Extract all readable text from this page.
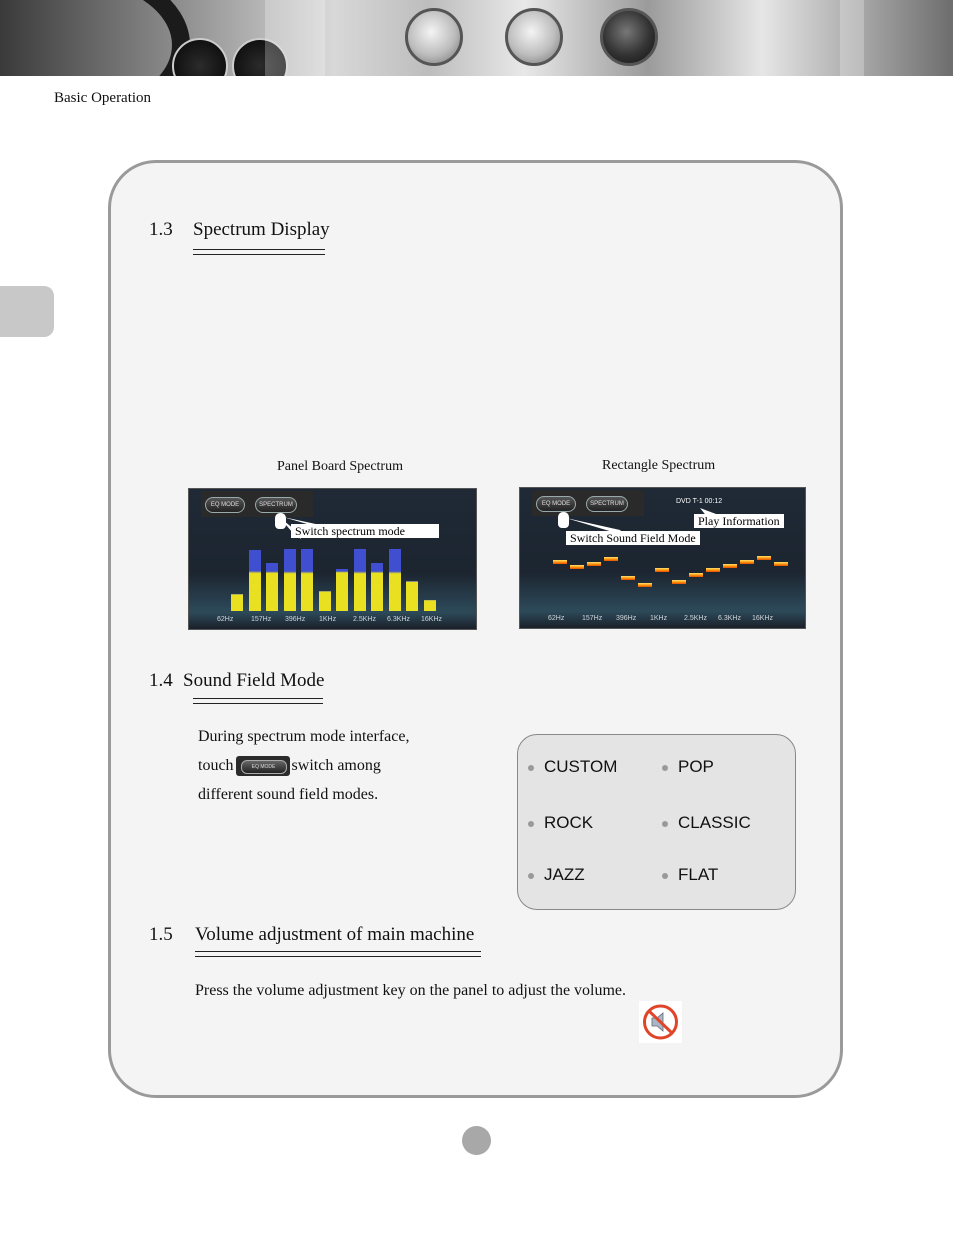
Basic Operation
1.3 Spectrum Display
Panel Board Spectrum	Rectangle Spectrum
EQ MODE	SPECTRUM
Switch spectrum mode
62Hz	157Hz 396Hz 1KHz 2.5KHz 6.3KHz 16KHz
EQ MODE	SPECTRUM	DVD T-1 00:12
Play Information
Switch Sound Field Mode
62Hz	157Hz 396Hz 1KHz 2.5KHz 6.3KHz 16KHz
1.4 Sound Field Mode
During spectrum mode interface,
touch	EQ MODE	switch among
different sound field modes.
CUSTOM	POP
ROCK	CLASSIC
JAZZ	FLAT
1.5 Volume adjustment of main machine
Press the volume adjustment key on the panel to adjust the volume.
